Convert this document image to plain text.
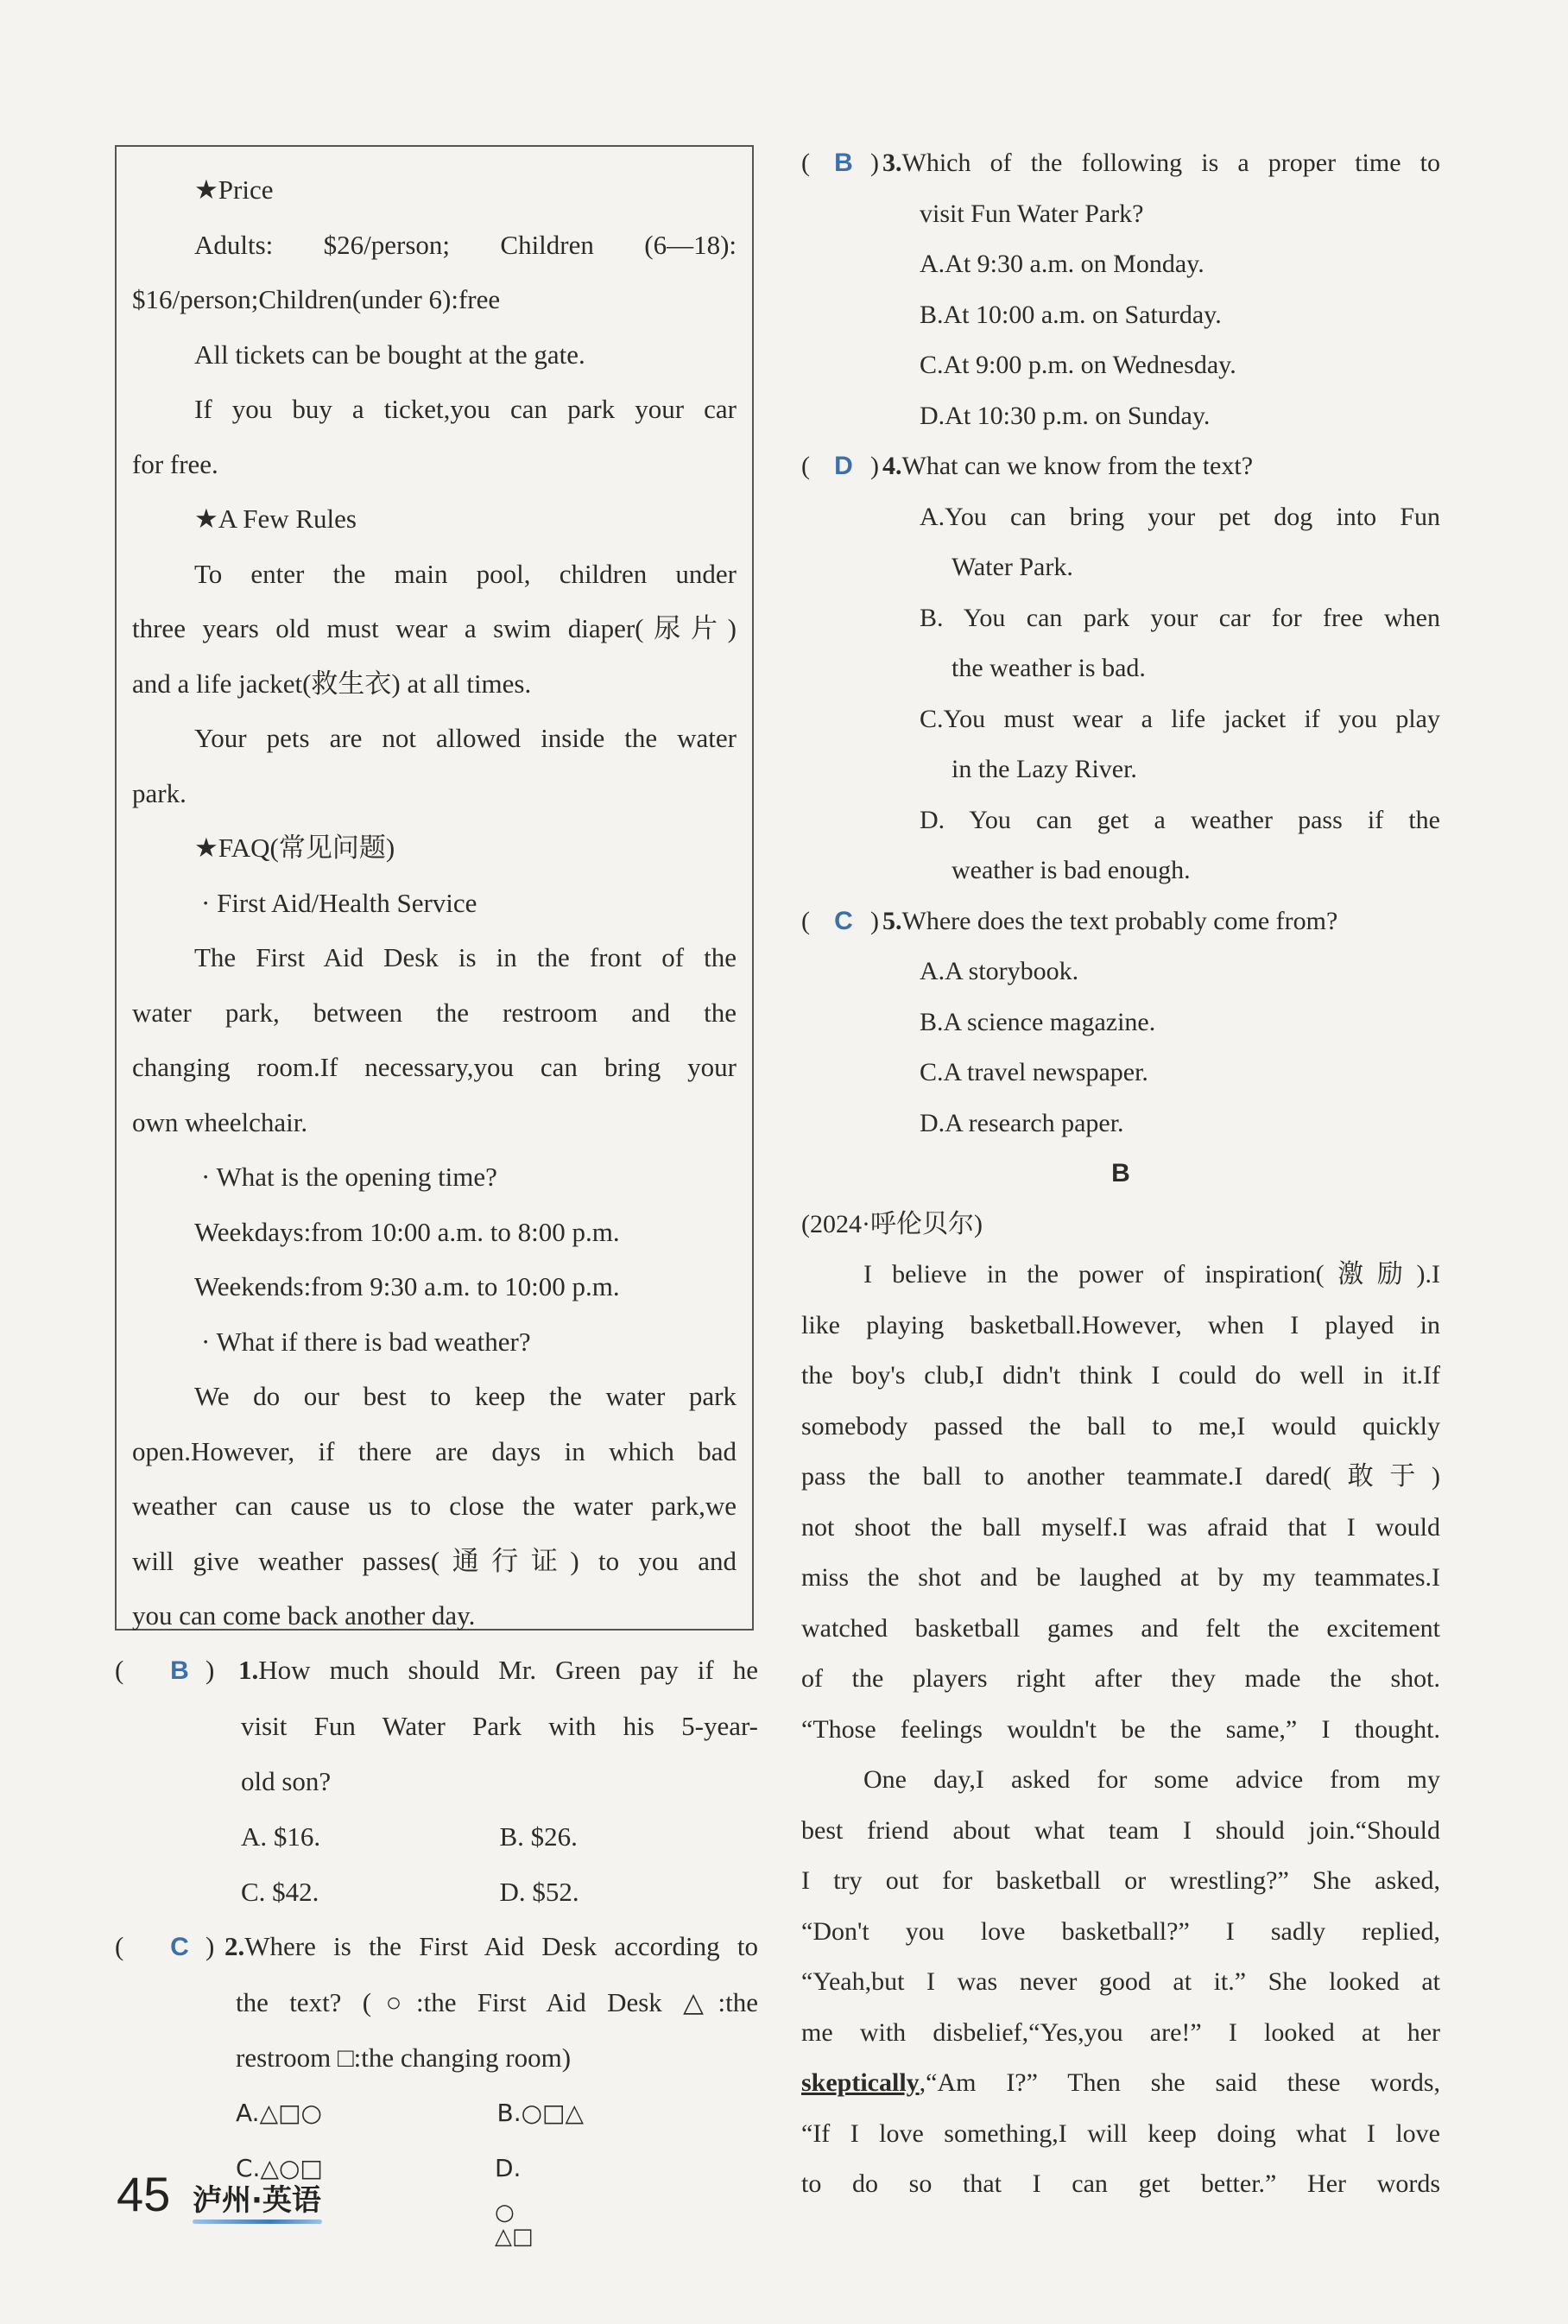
★Price

Adults: $26/person; Children (6—18):

$16/person;Children(under 6):free

All tickets can be bought at the gate.

If you buy a ticket,you can park your car

for free.

★A Few Rules

To enter the main pool, children under

three years old must wear a swim diaper(尿片)

and a life jacket(救生衣) at all times.

Your pets are not allowed inside the water

park.

★FAQ(常见问题)

· First Aid/Health Service

The First Aid Desk is in the front of the

water park, between the restroom and the

changing room.If necessary,you can bring your

own wheelchair.

· What is the opening time?

Weekdays:from 10:00 a.m. to 8:00 p.m.

Weekends:from 9:30 a.m. to 10:00 p.m.

· What if there is bad weather?

We do our best to keep the water park

open.However, if there are days in which bad

weather can cause us to close the water park,we

will give weather passes(通行证) to you and

you can come back another day.

(	B ) 1. How much should Mr. Green pay if he
visit Fun Water Park with his 5-year-
old son?
A. $16.	B. $26.
C. $42.	D. $52.
(	C ) 2. Where is the First Aid Desk according to
the text? (○:the First Aid Desk △:the
restroom □:the changing room)
A.△□○	B.○□△
C.△○□	D.
○
△□
( B ) 3. Which of the following is a proper time to
visit Fun Water Park?
A.At 9:30 a.m. on Monday.
B.At 10:00 a.m. on Saturday.
C.At 9:00 p.m. on Wednesday.
D.At 10:30 p.m. on Sunday.
( D ) 4. What can we know from the text?
A.You can bring your pet dog into Fun
Water Park.
B. You can park your car for free when
the weather is bad.
C.You must wear a life jacket if you play
in the Lazy River.
D. You can get a weather pass if the
weather is bad enough.
( C ) 5. Where does the text probably come from?
A.A storybook.
B.A science magazine.
C.A travel newspaper.
D.A research paper.
B
(2024·呼伦贝尔)

I believe in the power of inspiration(激励).I

like playing basketball.However, when I played in

the boy's club,I didn't think I could do well in it.If

somebody passed the ball to me,I would quickly

pass the ball to another teammate.I dared(敢于)

not shoot the ball myself.I was afraid that I would

miss the shot and be laughed at by my teammates.I

watched basketball games and felt the excitement

of the players right after they made the shot.

“Those feelings wouldn't be the same,” I thought.

One day,I asked for some advice from my

best friend about what team I should join.“Should

I try out for basketball or wrestling?” She asked,

“Don't you love basketball?” I sadly replied,

“Yeah,but I was never good at it.” She looked at

me with disbelief,“Yes,you are!” I looked at her

skeptically,“Am I?” Then she said these words,

“If I love something,I will keep doing what I love

to do so that I can get better.” Her words

45 泸州·英语
